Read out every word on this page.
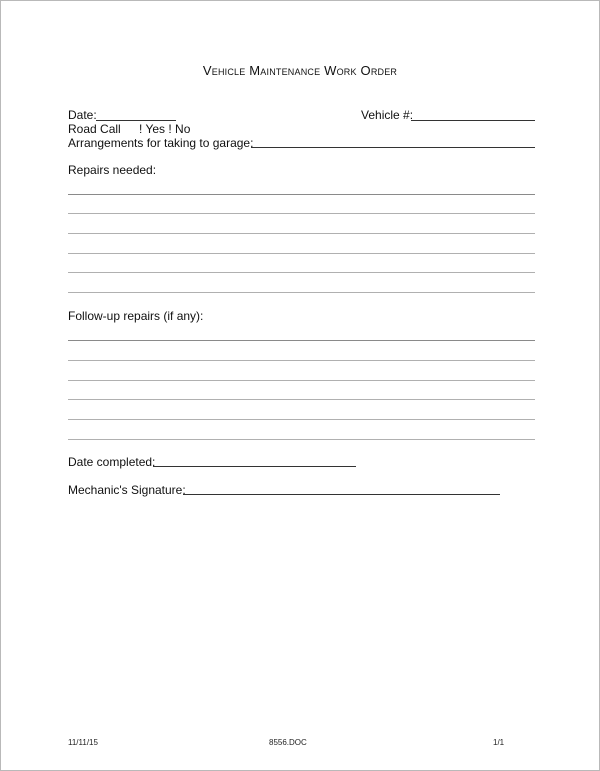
Vehicle Maintenance Work Order
Date:	Vehicle #:
Road Call ! Yes ! No
Arrangements for taking to garage:
Repairs needed:
Follow-up repairs (if any):
Date completed:
Mechanic's Signature:
11/11/15	8556.DOC	1/1
